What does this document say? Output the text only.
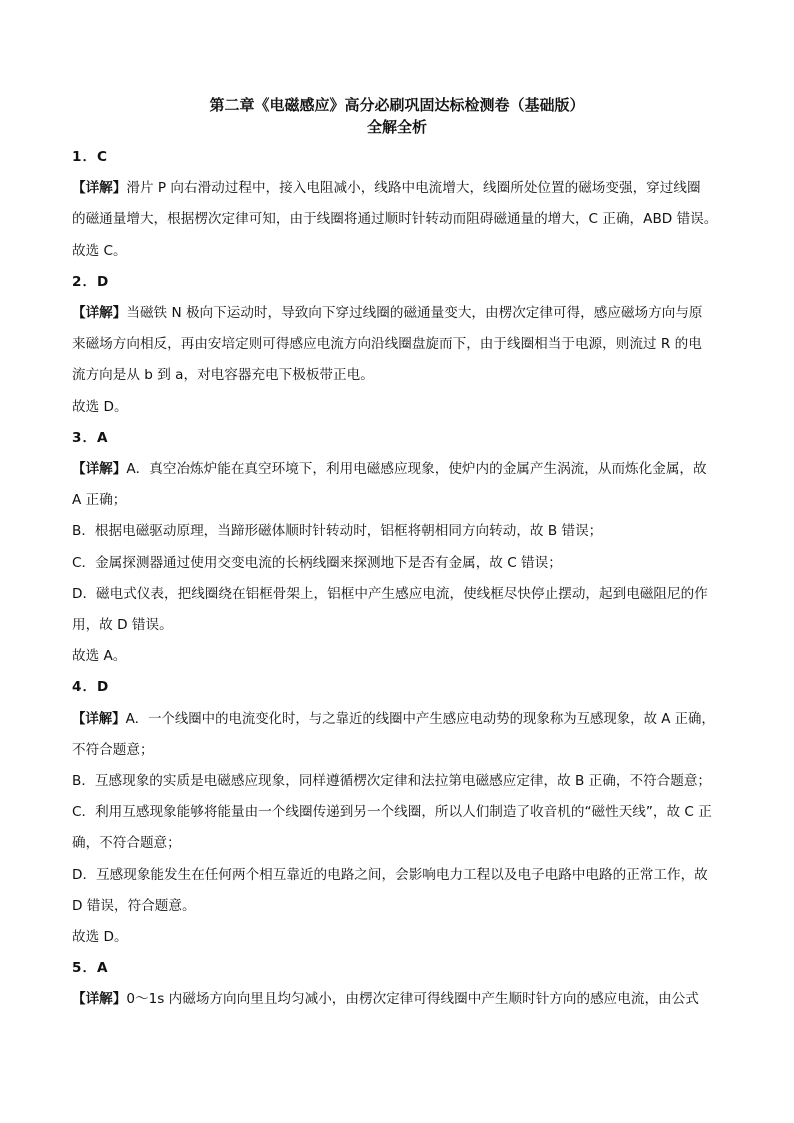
第二章《电磁感应》高分必刷巩固达标检测卷（基础版）
全解全析
1．C
【详解】滑片 P 向右滑动过程中，接入电阻减小，线路中电流增大，线圈所处位置的磁场变强，穿过线圈
的磁通量增大，根据楞次定律可知，由于线圈将通过顺时针转动而阻碍磁通量的增大，C 正确，ABD 错误。
故选 C。
2．D
【详解】当磁铁 N 极向下运动时，导致向下穿过线圈的磁通量变大，由楞次定律可得，感应磁场方向与原
来磁场方向相反，再由安培定则可得感应电流方向沿线圈盘旋而下，由于线圈相当于电源，则流过 R 的电
流方向是从 b 到 a，对电容器充电下极板带正电。
故选 D。
3．A
【详解】A．真空冶炼炉能在真空环境下，利用电磁感应现象，使炉内的金属产生涡流，从而炼化金属，故
A 正确；
B．根据电磁驱动原理，当蹄形磁体顺时针转动时，铝框将朝相同方向转动，故 B 错误；
C．金属探测器通过使用交变电流的长柄线圈来探测地下是否有金属，故 C 错误；
D．磁电式仪表，把线圈绕在铝框骨架上，铝框中产生感应电流，使线框尽快停止摆动，起到电磁阻尼的作
用，故 D 错误。
故选 A。
4．D
【详解】A．一个线圈中的电流变化时，与之靠近的线圈中产生感应电动势的现象称为互感现象，故 A 正确，
不符合题意；
B．互感现象的实质是电磁感应现象，同样遵循楞次定律和法拉第电磁感应定律，故 B 正确，不符合题意；
C．利用互感现象能够将能量由一个线圈传递到另一个线圈，所以人们制造了收音机的“磁性天线”，故 C 正
确，不符合题意；
D．互感现象能发生在任何两个相互靠近的电路之间，会影响电力工程以及电子电路中电路的正常工作，故
D 错误，符合题意。
故选 D。
5．A
【详解】0～1s 内磁场方向向里且均匀减小，由楞次定律可得线圈中产生顺时针方向的感应电流，由公式
